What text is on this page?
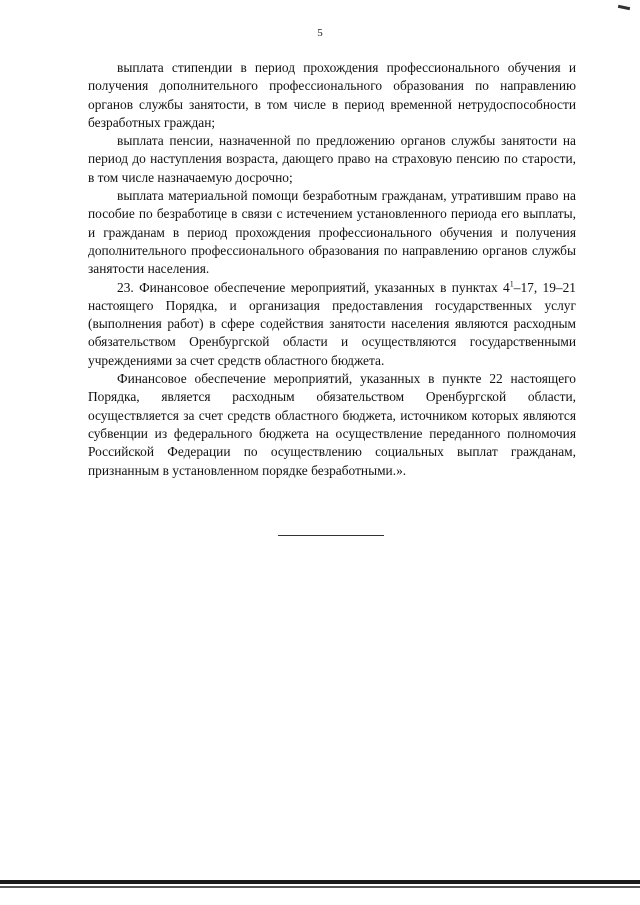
5

выплата стипендии в период прохождения профессионального обучения и получения дополнительного профессионального образования по направлению органов службы занятости, в том числе в период временной нетрудоспособности безработных граждан;

выплата пенсии, назначенной по предложению органов службы занятости на период до наступления возраста, дающего право на страховую пенсию по старости, в том числе назначаемую досрочно;

выплата материальной помощи безработным гражданам, утратившим право на пособие по безработице в связи с истечением установленного периода его выплаты, и гражданам в период прохождения профессионального обучения и получения дополнительного профессионального образования по направлению органов службы занятости населения.

23. Финансовое обеспечение мероприятий, указанных в пунктах $4^1-17$, 19–21 настоящего Порядка, и организация предоставления государственных услуг (выполнения работ) в сфере содействия занятости населения являются расходным обязательством Оренбургской области и осуществляются государственными учреждениями за счет средств областного бюджета.

Финансовое обеспечение мероприятий, указанных в пункте 22 настоящего Порядка, является расходным обязательством Оренбургской области, осуществляется за счет средств областного бюджета, источником которых являются субвенции из федерального бюджета на осуществление переданного полномочия Российской Федерации по осуществлению социальных выплат гражданам, признанным в установленном порядке безработными.».
